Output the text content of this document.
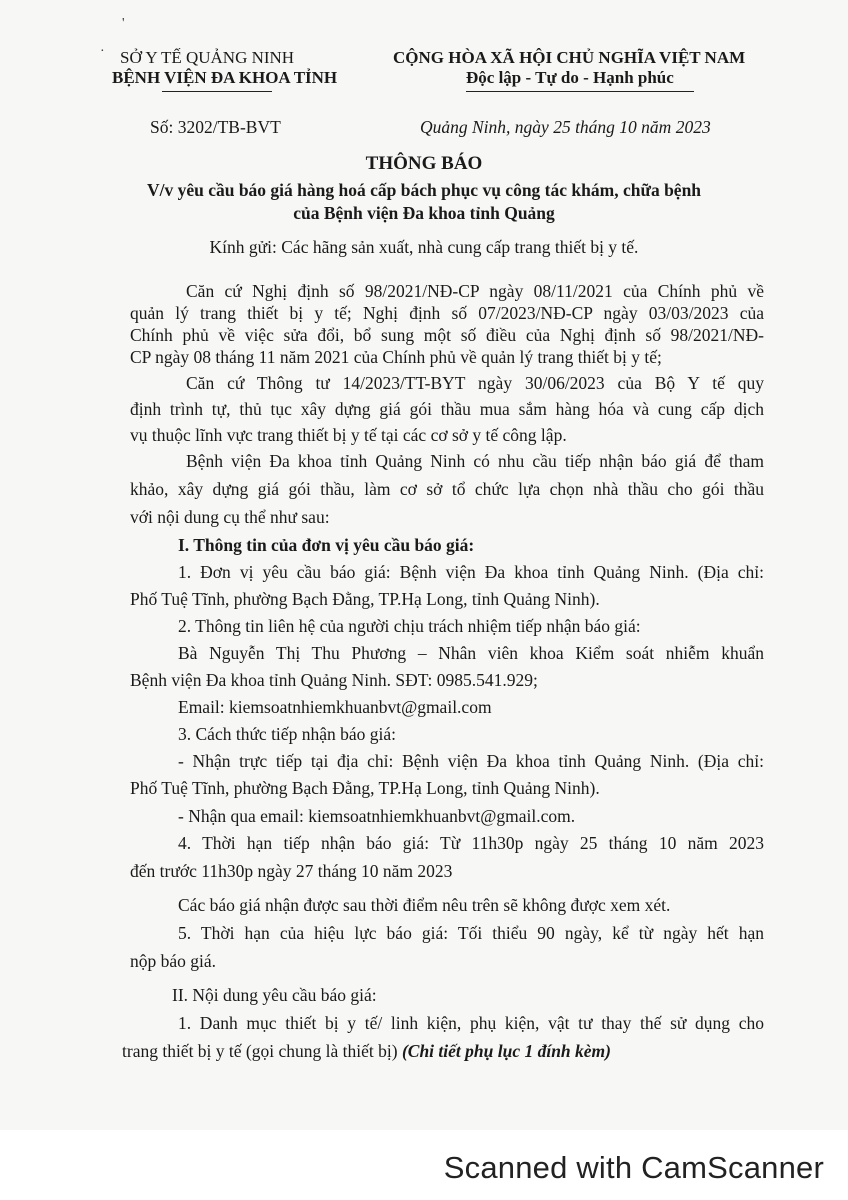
'
· SỞ Y TẾ QUẢNG NINH
BỆNH VIỆN ĐA KHOA TỈNH
CỘNG HÒA XÃ HỘI CHỦ NGHĨA VIỆT NAM
Độc lập - Tự do - Hạnh phúc
Số: 3202/TB-BVT	Quảng Ninh, ngày 25 tháng 10 năm 2023
THÔNG BÁO
V/v yêu cầu báo giá hàng hoá cấp bách phục vụ công tác khám, chữa bệnh
của Bệnh viện Đa khoa tỉnh Quảng
Kính gửi: Các hãng sản xuất, nhà cung cấp trang thiết bị y tế.
Căn cứ Nghị định số 98/2021/NĐ-CP ngày 08/11/2021 của Chính phủ về
quản lý trang thiết bị y tế; Nghị định số 07/2023/NĐ-CP ngày 03/03/2023 của
Chính phủ về việc sửa đổi, bổ sung một số điều của Nghị định số 98/2021/NĐ-
CP ngày 08 tháng 11 năm 2021 của Chính phủ về quản lý trang thiết bị y tế;
Căn cứ Thông tư 14/2023/TT-BYT ngày 30/06/2023 của Bộ Y tế quy
định trình tự, thủ tục xây dựng giá gói thầu mua sắm hàng hóa và cung cấp dịch
vụ thuộc lĩnh vực trang thiết bị y tế tại các cơ sở y tế công lập.
Bệnh viện Đa khoa tỉnh Quảng Ninh có nhu cầu tiếp nhận báo giá để tham
khảo, xây dựng giá gói thầu, làm cơ sở tổ chức lựa chọn nhà thầu cho gói thầu
với nội dung cụ thể như sau:
I. Thông tin của đơn vị yêu cầu báo giá:
1. Đơn vị yêu cầu báo giá: Bệnh viện Đa khoa tỉnh Quảng Ninh. (Địa chỉ:
Phố Tuệ Tĩnh, phường Bạch Đằng, TP.Hạ Long, tỉnh Quảng Ninh).
2. Thông tin liên hệ của người chịu trách nhiệm tiếp nhận báo giá:
Bà Nguyễn Thị Thu Phương – Nhân viên khoa Kiểm soát nhiễm khuẩn
Bệnh viện Đa khoa tỉnh Quảng Ninh. SĐT: 0985.541.929;
Email: kiemsoatnhiemkhuanbvt@gmail.com
3. Cách thức tiếp nhận báo giá:
- Nhận trực tiếp tại địa chỉ: Bệnh viện Đa khoa tỉnh Quảng Ninh. (Địa chỉ:
Phố Tuệ Tĩnh, phường Bạch Đằng, TP.Hạ Long, tỉnh Quảng Ninh).
- Nhận qua email: kiemsoatnhiemkhuanbvt@gmail.com.
4. Thời hạn tiếp nhận báo giá: Từ 11h30p ngày 25 tháng 10 năm 2023
đến trước 11h30p ngày 27 tháng 10 năm 2023
Các báo giá nhận được sau thời điểm nêu trên sẽ không được xem xét.
5. Thời hạn của hiệu lực báo giá: Tối thiểu 90 ngày, kể từ ngày hết hạn
nộp báo giá.
II. Nội dung yêu cầu báo giá:
1. Danh mục thiết bị y tế/ linh kiện, phụ kiện, vật tư thay thế sử dụng cho
trang thiết bị y tế (gọi chung là thiết bị) (Chi tiết phụ lục 1 đính kèm)
Scanned with CamScanner
